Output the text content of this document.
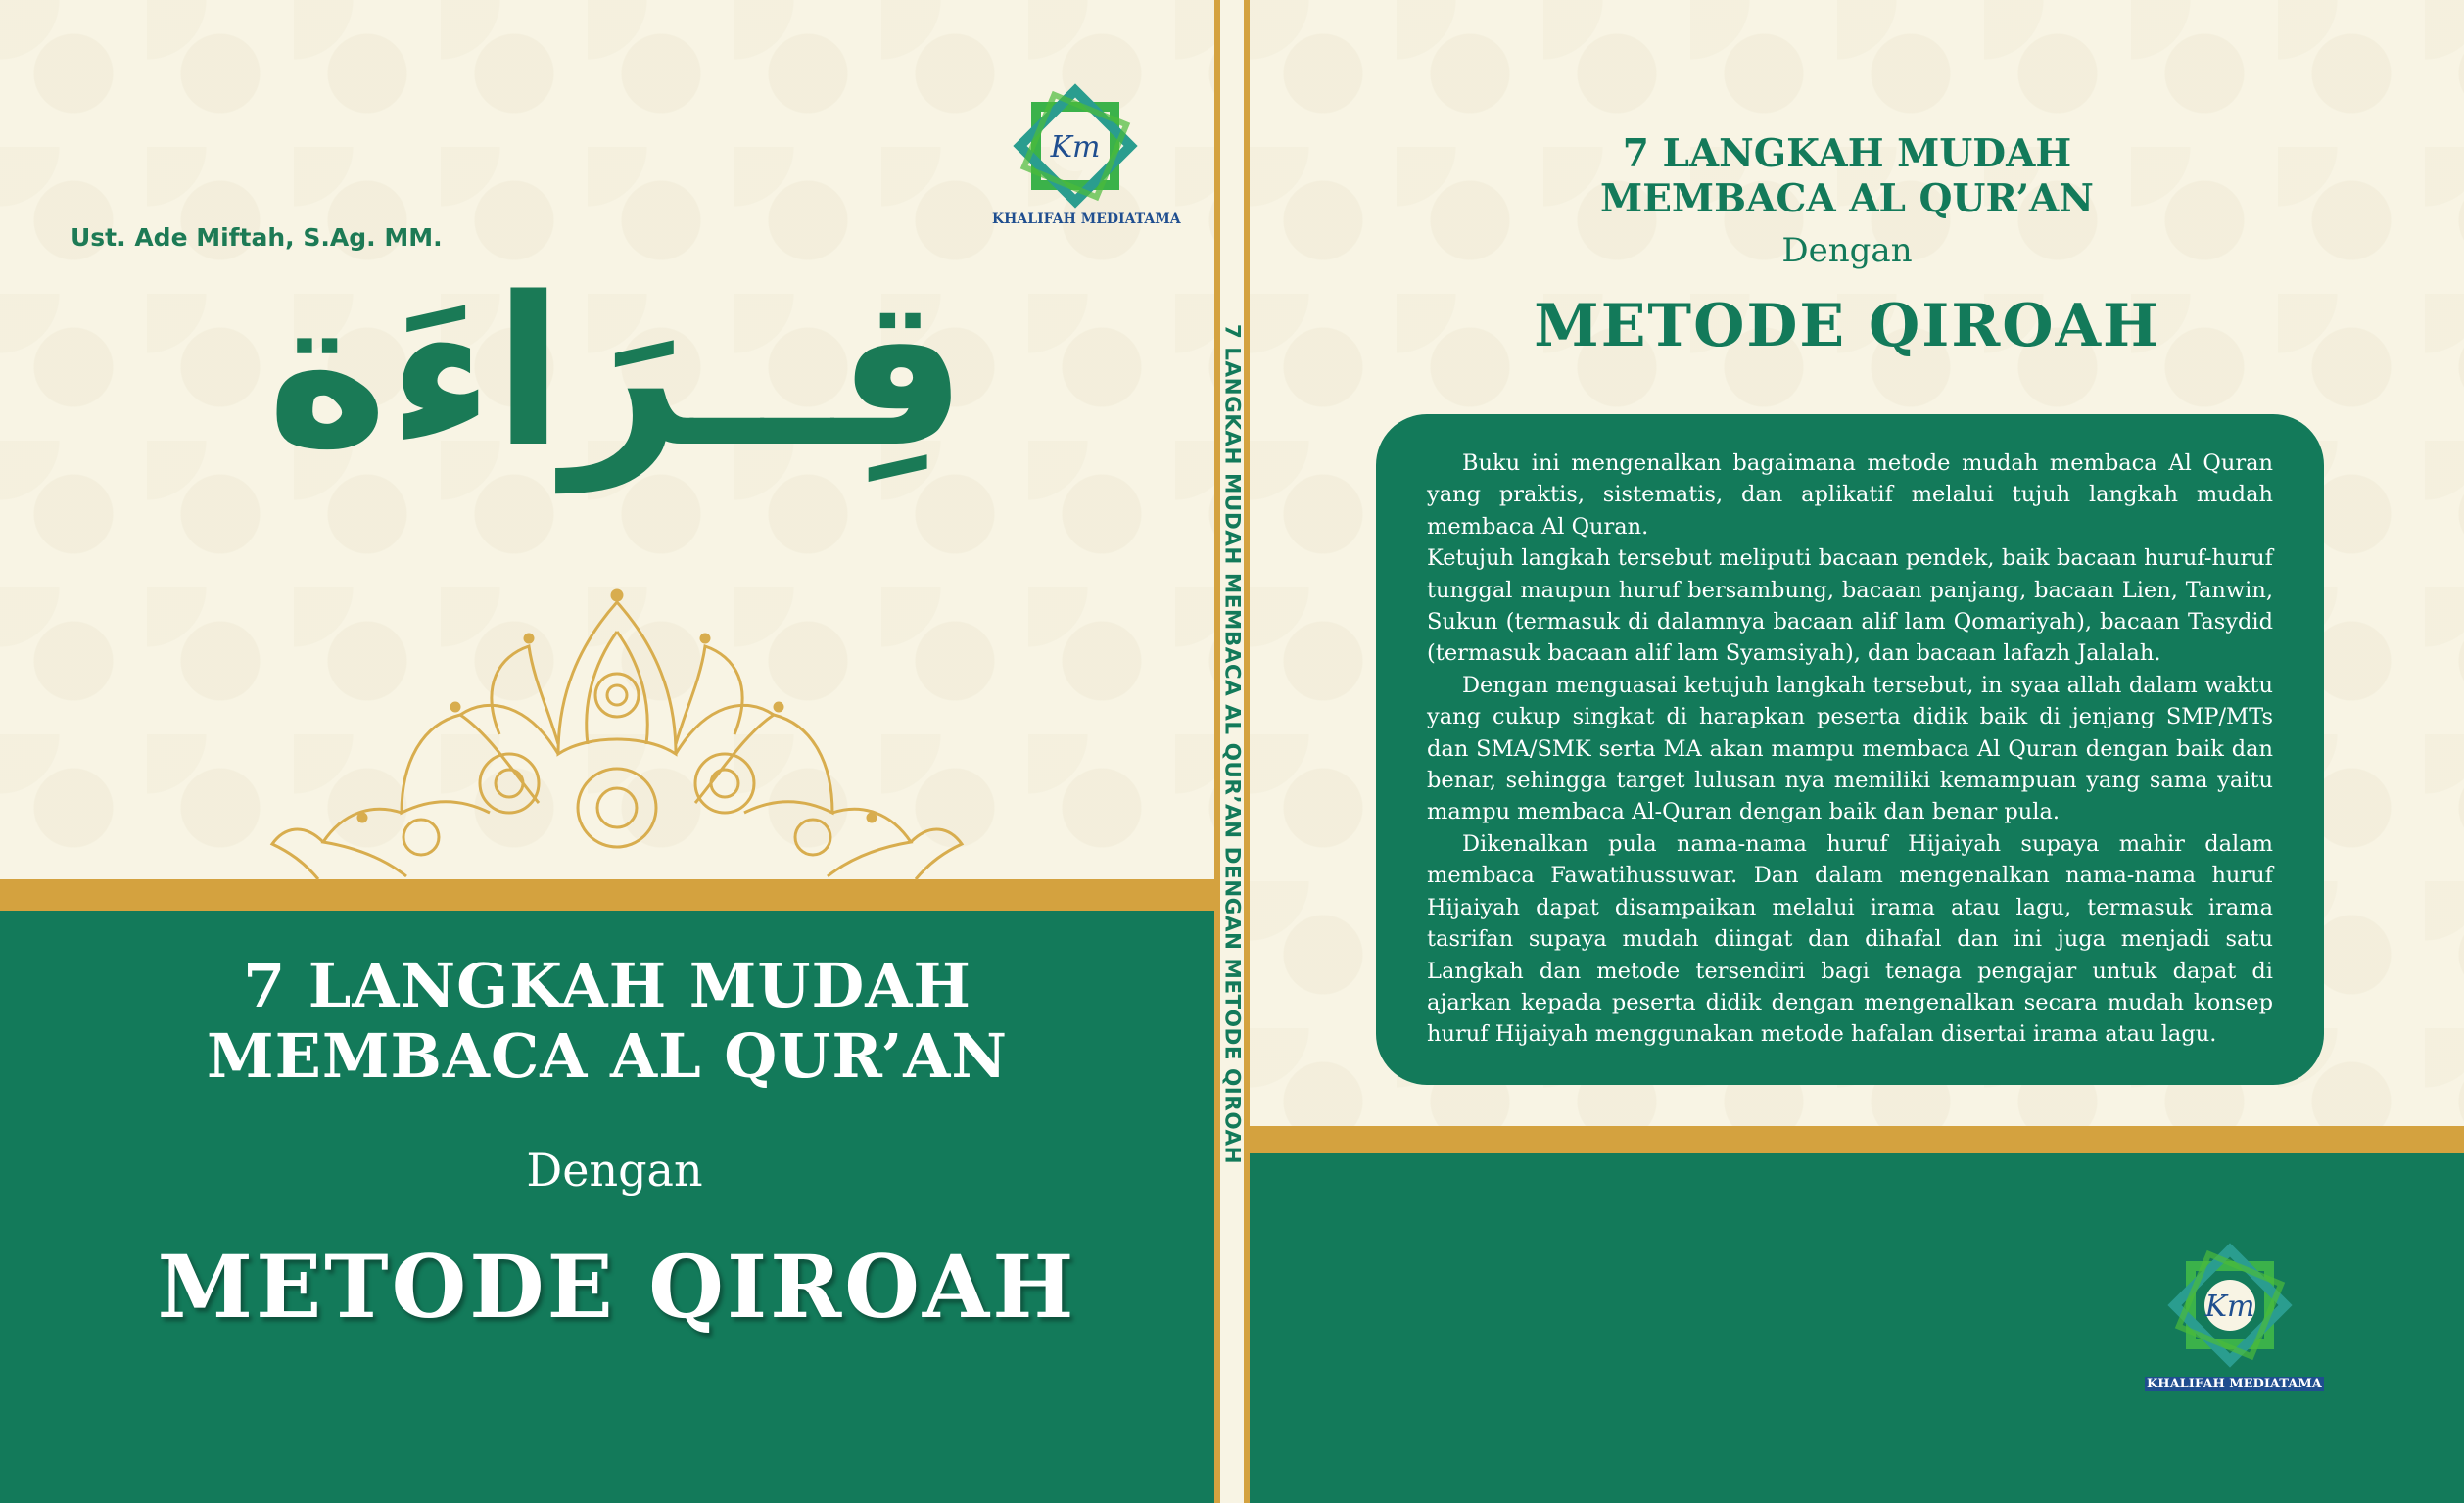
Ust. Ade Miftah, S.Ag. MM.
Km
KHALIFAH MEDIATAMA
قِــرَاءَة
7 LANGKAH MUDAH
MEMBACA AL QUR’AN
Dengan
METODE QIROAH
7 LANGKAH MUDAH MEMBACA AL QUR’AN DENGAN METODE QIROAH
7 LANGKAH MUDAH
MEMBACA AL QUR’AN
Dengan
METODE QIROAH

Buku ini mengenalkan bagaimana metode mudah membaca Al Quran yang praktis, sistematis, dan aplikatif melalui tujuh langkah mudah membaca Al Quran.

Ketujuh langkah tersebut meliputi bacaan pendek, baik bacaan huruf-huruf tunggal maupun huruf bersambung, bacaan panjang, bacaan Lien, Tanwin, Sukun (termasuk di dalamnya bacaan alif lam Qomariyah), bacaan Tasydid (termasuk bacaan alif lam Syamsiyah), dan bacaan lafazh Jalalah.

Dengan menguasai ketujuh langkah tersebut, in syaa allah dalam waktu yang cukup singkat di harapkan peserta didik baik di jenjang SMP/MTs dan SMA/SMK serta MA akan mampu membaca Al Quran dengan baik dan benar, sehingga target lulusan nya memiliki kemampuan yang sama yaitu mampu membaca Al-Quran dengan baik dan benar pula.

Dikenalkan pula nama-nama huruf Hijaiyah supaya mahir dalam membaca Fawatihussuwar. Dan dalam mengenalkan nama-nama huruf Hijaiyah dapat disampaikan melalui irama atau lagu, termasuk irama tasrifan supaya mudah diingat dan dihafal dan ini juga menjadi satu Langkah dan metode tersendiri bagi tenaga pengajar untuk dapat di ajarkan kepada peserta didik dengan mengenalkan secara mudah konsep huruf Hijaiyah menggunakan metode hafalan disertai irama atau lagu.

Km
KHALIFAH MEDIATAMA
